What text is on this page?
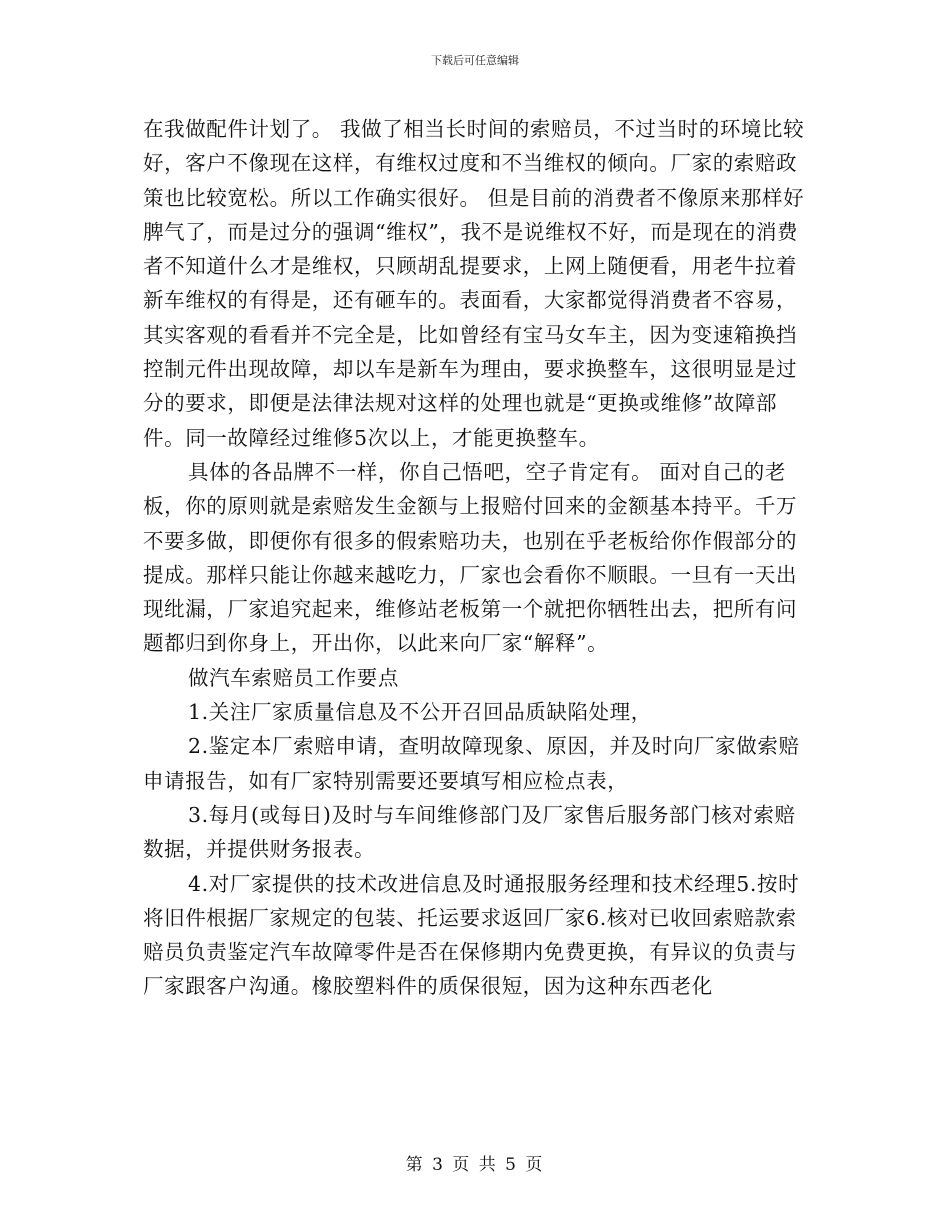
下载后可任意编辑

在我做配件计划了。 我做了相当长时间的索赔员，不过当时的环境比较好，客户不像现在这样，有维权过度和不当维权的倾向。厂家的索赔政策也比较宽松。所以工作确实很好。 但是目前的消费者不像原来那样好脾气了，而是过分的强调“维权”，我不是说维权不好，而是现在的消费者不知道什么才是维权，只顾胡乱提要求，上网上随便看，用老牛拉着新车维权的有得是，还有砸车的。表面看，大家都觉得消费者不容易，其实客观的看看并不完全是，比如曾经有宝马女车主，因为变速箱换挡控制元件出现故障，却以车是新车为理由，要求换整车，这很明显是过分的要求，即便是法律法规对这样的处理也就是“更换或维修”故障部件。同一故障经过维修5次以上，才能更换整车。

具体的各品牌不一样，你自己悟吧，空子肯定有。 面对自己的老板，你的原则就是索赔发生金额与上报赔付回来的金额基本持平。千万不要多做，即便你有很多的假索赔功夫，也别在乎老板给你作假部分的提成。那样只能让你越来越吃力，厂家也会看你不顺眼。一旦有一天出现纰漏，厂家追究起来，维修站老板第一个就把你牺牲出去，把所有问题都归到你身上，开出你，以此来向厂家“解释”。

做汽车索赔员工作要点

1.关注厂家质量信息及不公开召回品质缺陷处理，

2.鉴定本厂索赔申请，查明故障现象、原因，并及时向厂家做索赔申请报告，如有厂家特别需要还要填写相应检点表，

3.每月(或每日)及时与车间维修部门及厂家售后服务部门核对索赔数据，并提供财务报表。

4.对厂家提供的技术改进信息及时通报服务经理和技术经理5.按时将旧件根据厂家规定的包装、托运要求返回厂家6.核对已收回索赔款索赔员负责鉴定汽车故障零件是否在保修期内免费更换，有异议的负责与厂家跟客户沟通。橡胶塑料件的质保很短，因为这种东西老化

第 3 页 共 5 页
